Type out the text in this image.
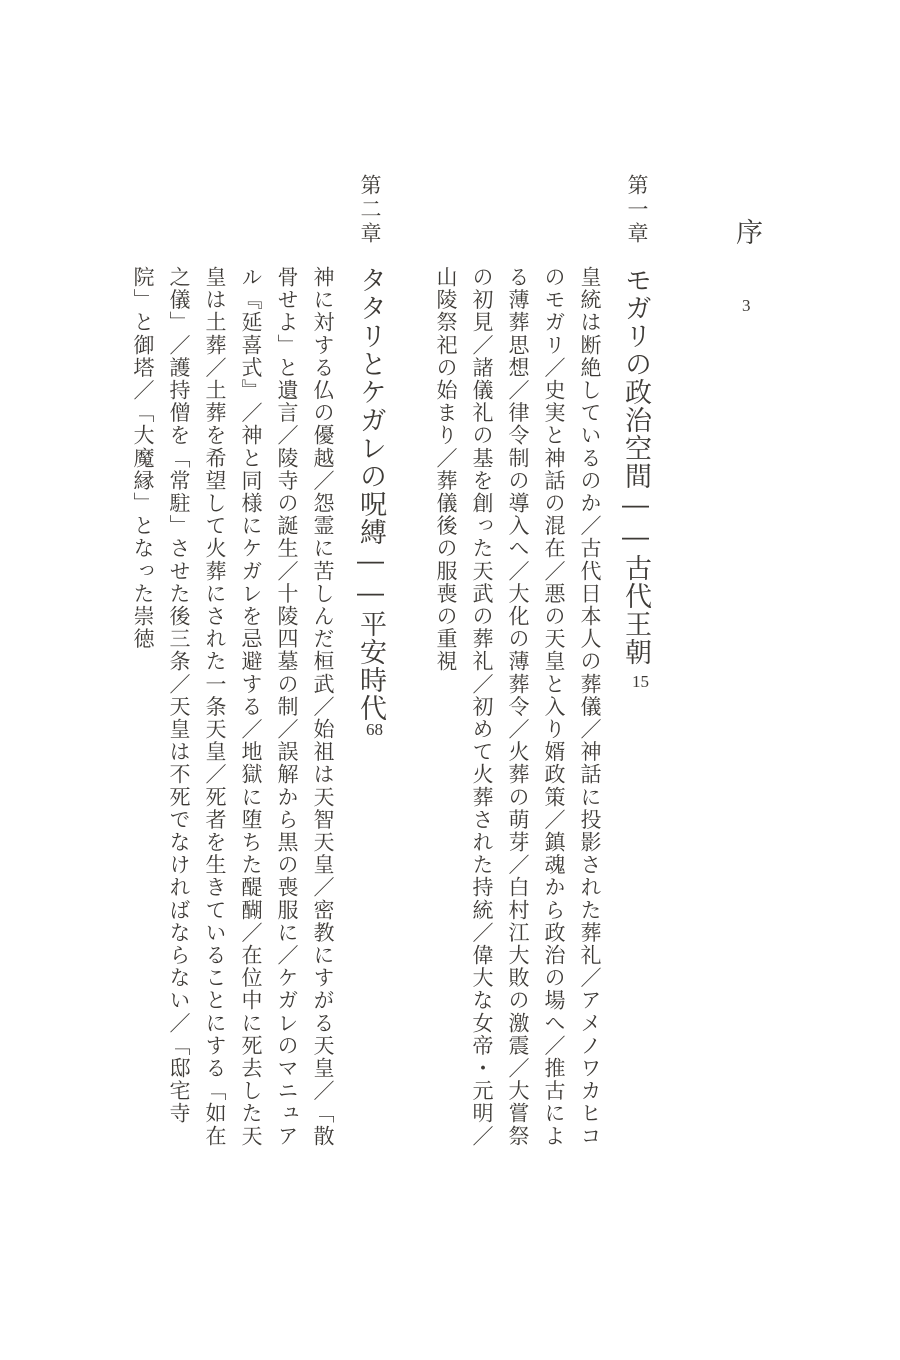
序
3
第一章
モガリの政治空間――古代王朝
15
皇統は断絶しているのか／古代日本人の葬儀／神話に投影された葬礼／アメノワカヒコ
のモガリ／史実と神話の混在／悪の天皇と入り婿政策／鎮魂から政治の場へ／推古によ
る薄葬思想／律令制の導入へ／大化の薄葬令／火葬の萌芽／白村江大敗の激震／大嘗祭
の初見／諸儀礼の基を創った天武の葬礼／初めて火葬された持統／偉大な女帝・元明／
山陵祭祀の始まり／葬儀後の服喪の重視
第二章
タタリとケガレの呪縛――平安時代
68
神に対する仏の優越／怨霊に苦しんだ桓武／始祖は天智天皇／密教にすがる天皇／「散
骨せよ」と遺言／陵寺の誕生／十陵四墓の制／誤解から黒の喪服に／ケガレのマニュア
ル『延喜式』／神と同様にケガレを忌避する／地獄に堕ちた醍醐／在位中に死去した天
皇は土葬／土葬を希望して火葬にされた一条天皇／死者を生きていることにする「如在
之儀」／護持僧を「常駐」させた後三条／天皇は不死でなければならない／「邸宅寺
院」と御塔／「大魔縁」となった崇徳
